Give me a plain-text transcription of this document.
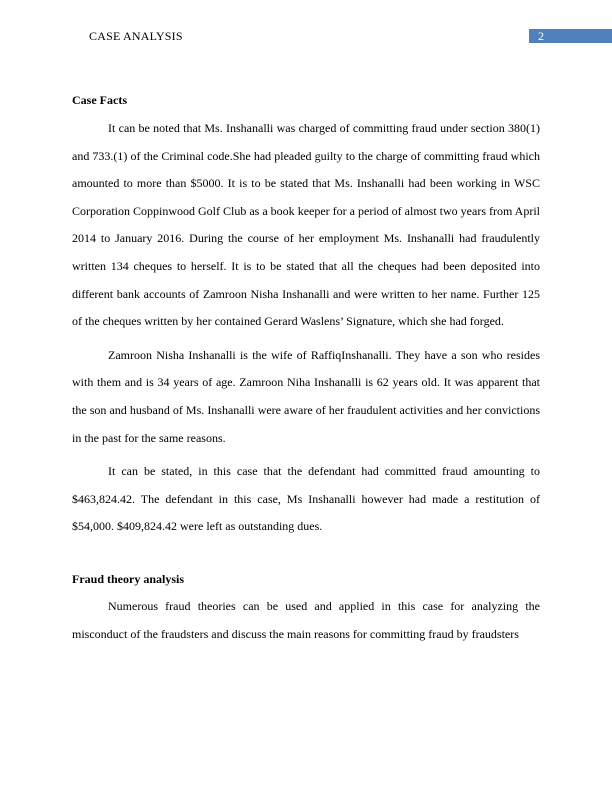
CASE ANALYSIS	2

Case Facts

It can be noted that Ms. Inshanalli was charged of committing fraud under section 380(1) and 733.(1) of the Criminal code.She had pleaded guilty to the charge of committing fraud which amounted to more than $5000. It is to be stated that Ms. Inshanalli had been working in WSC Corporation Coppinwood Golf Club as a book keeper for a period of almost two years from April 2014 to January 2016. During the course of her employment Ms. Inshanalli had fraudulently written 134 cheques to herself. It is to be stated that all the cheques had been deposited into different bank accounts of Zamroon Nisha Inshanalli and were written to her name. Further 125 of the cheques written by her contained Gerard Waslens’ Signature, which she had forged.

Zamroon Nisha Inshanalli is the wife of RaffiqInshanalli. They have a son who resides with them and is 34 years of age. Zamroon Niha Inshanalli is 62 years old. It was apparent that the son and husband of Ms. Inshanalli were aware of her fraudulent activities and her convictions in the past for the same reasons.

It can be stated, in this case that the defendant had committed fraud amounting to $463,824.42. The defendant in this case, Ms Inshanalli however had made a restitution of $54,000. $409,824.42 were left as outstanding dues.

Fraud theory analysis

Numerous fraud theories can be used and applied in this case for analyzing the misconduct of the fraudsters and discuss the main reasons for committing fraud by fraudsters
